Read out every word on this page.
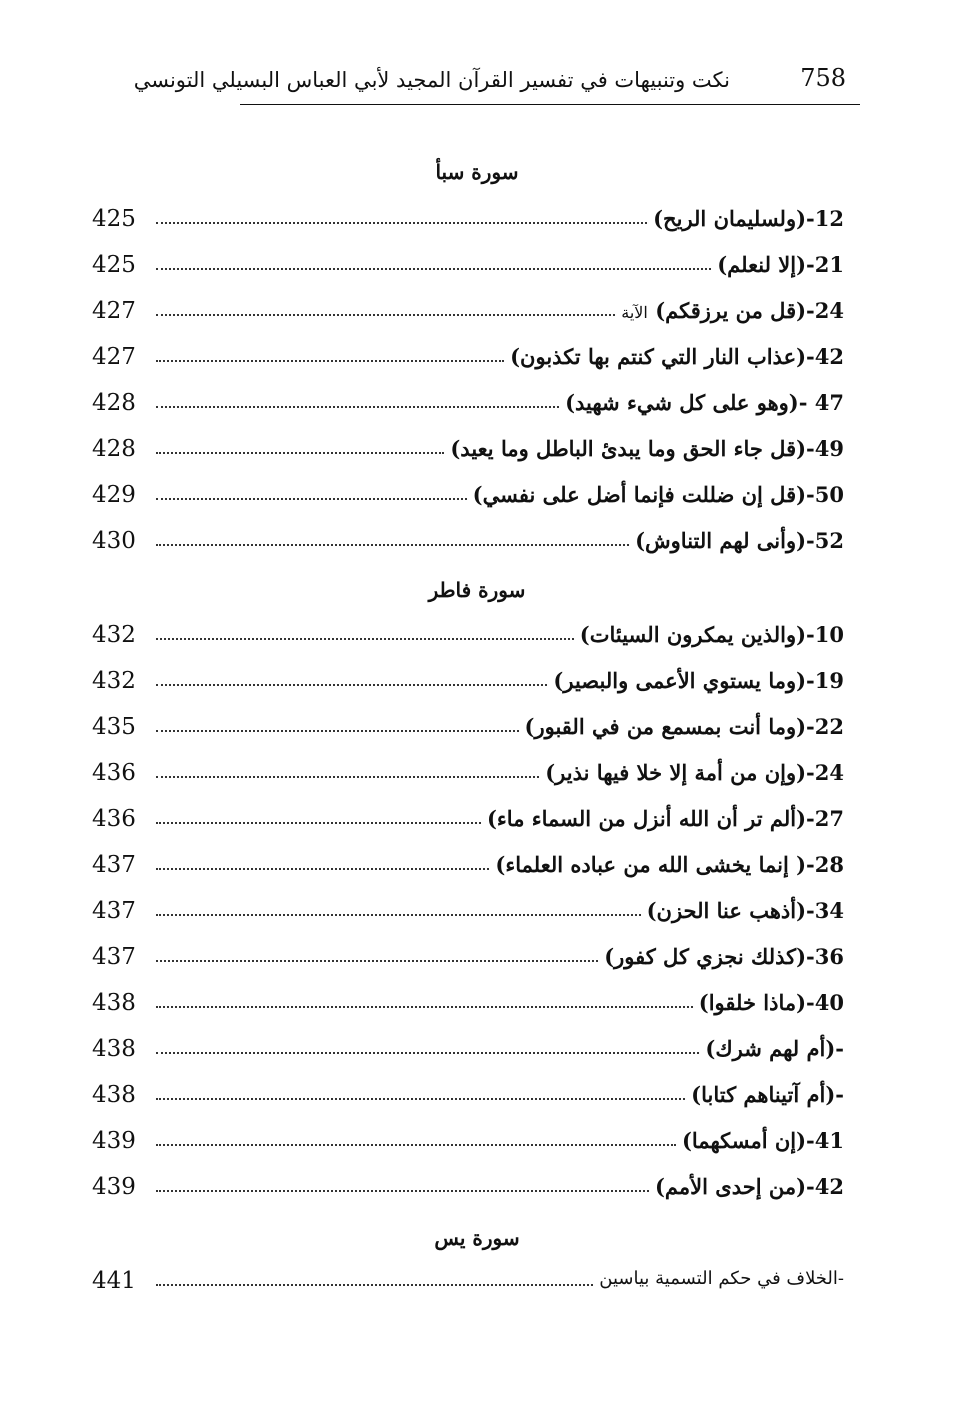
758
نكت وتنبيهات في تفسير القرآن المجيد لأبي العباس البسيلي التونسي
سورة سبأ
425	12-(ولسليمان الريح)
425	21-(إلا لنعلم)
427	24-(قل من يرزقكم) الآية
427	42-(عذاب النار التي كنتم بها تكذبون)
428	47 -(وهو على كل شيء شهيد)
428	49-(قل جاء الحق وما يبدئ الباطل وما يعيد)
429	50-(قل إن ضللت فإنما أضل على نفسي)
430	52-(وأنى لهم التناوش)
سورة فاطر
432	10-(والذين يمكرون السيئات)
432	19-(وما يستوي الأعمى والبصير)
435	22-(وما أنت بمسمع من في القبور)
436	24-(وإن من أمة إلا خلا فيها نذير)
436	27-(ألم تر أن الله أنزل من السماء ماء)
437	28-( إنما يخشى الله من عباده العلماء)
437	34-(أذهب عنا الحزن)
437	36-(كذلك نجزي كل كفور)
438	40-(ماذا خلقوا)
438	-(أم لهم شرك)
438	-(أم آتيناهم كتابا)
439	41-(إن أمسكهما)
439	42-(من إحدى الأمم)
سورة يس
441	-الخلاف في حكم التسمية بياسين
